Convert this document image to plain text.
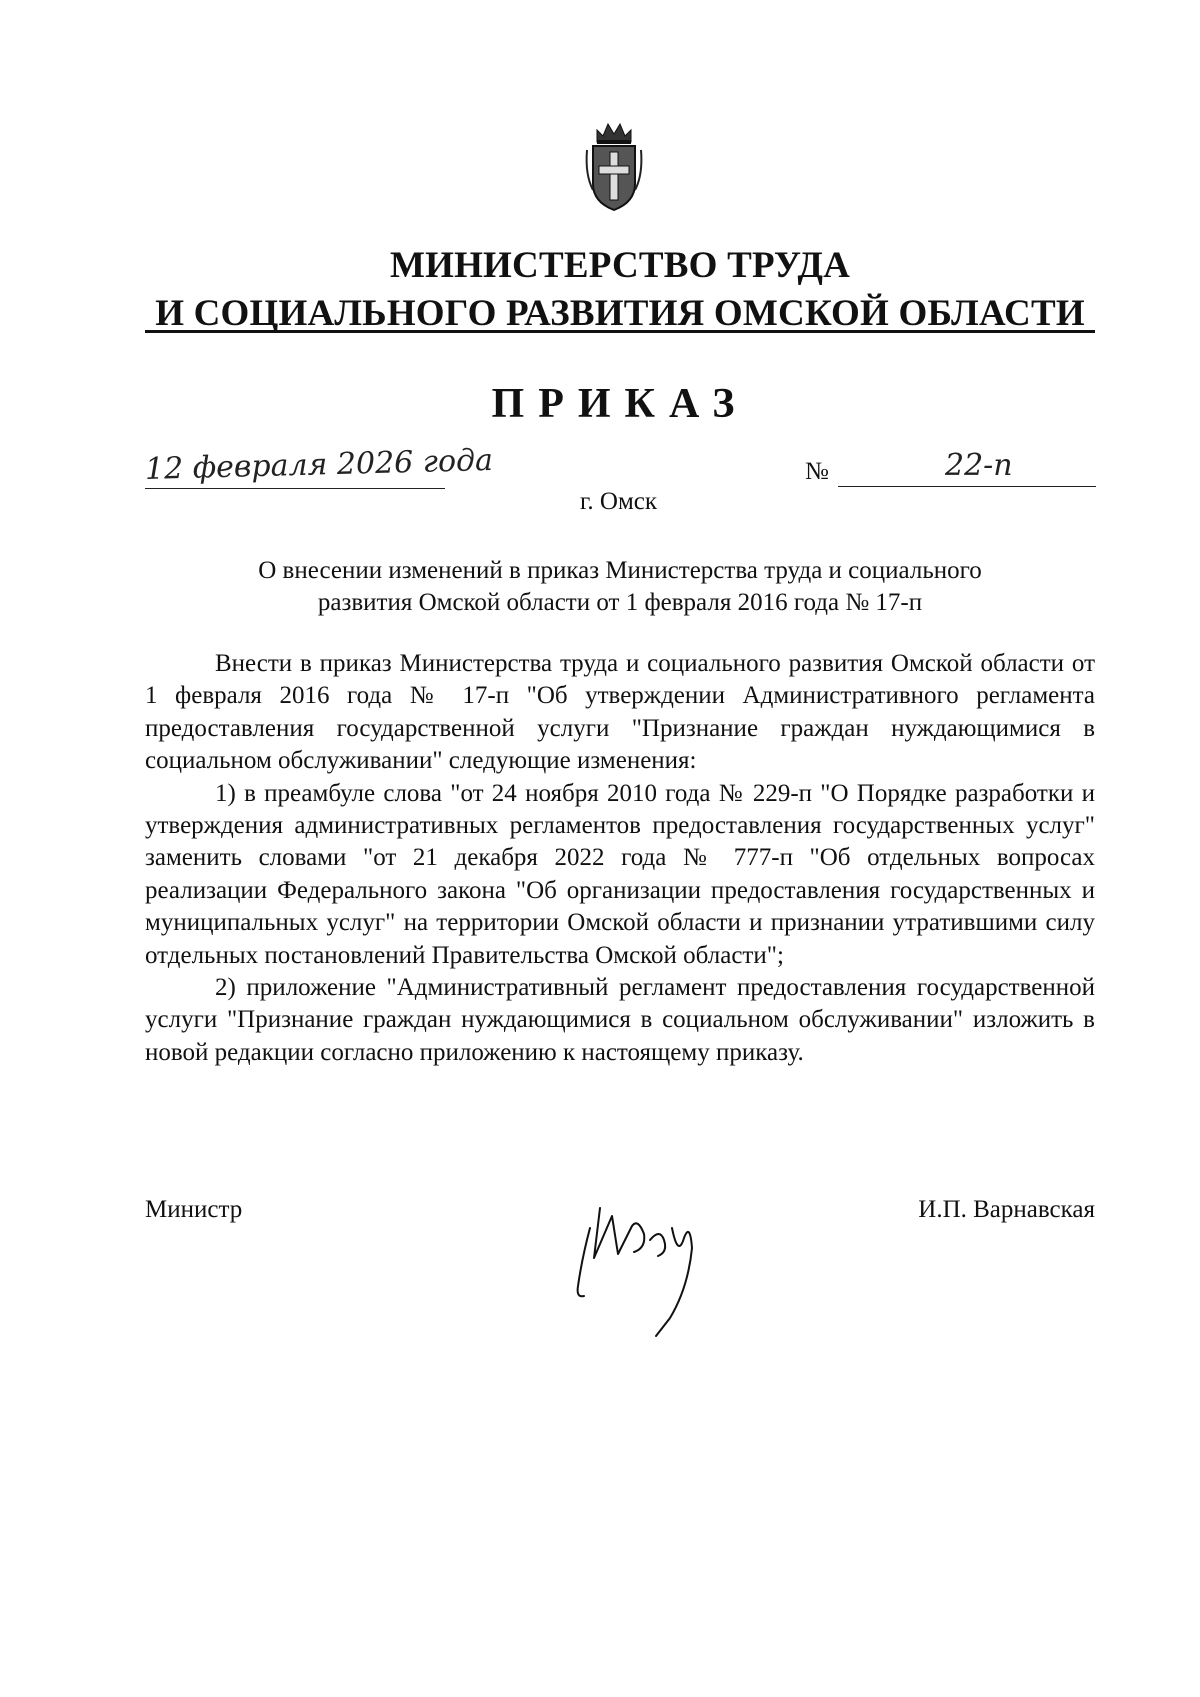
МИНИСТЕРСТВО ТРУДА
И СОЦИАЛЬНОГО РАЗВИТИЯ ОМСКОЙ ОБЛАСТИ
ПРИКАЗ
12 февраля 2026 года	№	22-п
г. Омск
О внесении изменений в приказ Министерства труда и социального
развития Омской области от 1 февраля 2016 года № 17-п

Внести в приказ Министерства труда и социального развития Омской области от 1 февраля 2016 года № 17-п "Об утверждении Административного регламента предоставления государственной услуги "Признание граждан нуждающимися в социальном обслуживании" следующие изменения:

1) в преамбуле слова "от 24 ноября 2010 года № 229-п "О Порядке разработки и утверждения административных регламентов предоставления государственных услуг" заменить словами "от 21 декабря 2022 года № 777-п "Об отдельных вопросах реализации Федерального закона "Об организации предоставления государственных и муниципальных услуг" на территории Омской области и признании утратившими силу отдельных постановлений Правительства Омской области";

2) приложение "Административный регламент предоставления государственной услуги "Признание граждан нуждающимися в социальном обслуживании" изложить в новой редакции согласно приложению к настоящему приказу.

Министр	И.П. Варнавская
